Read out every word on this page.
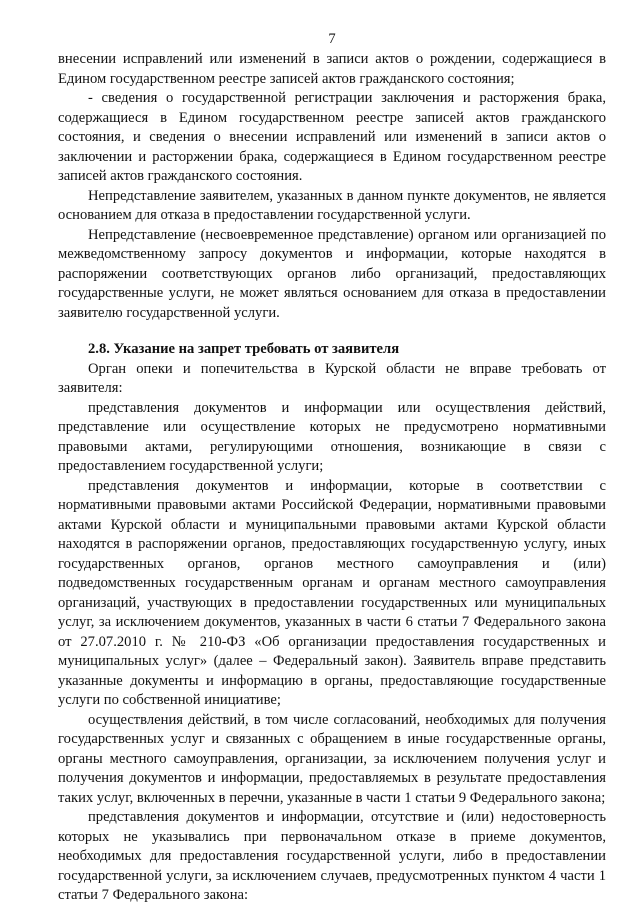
7

внесении исправлений или изменений в записи актов о рождении, содержащиеся в Едином государственном реестре записей актов гражданского состояния;

- сведения о государственной регистрации заключения и расторжения брака, содержащиеся в Едином государственном реестре записей актов гражданского состояния, и сведения о внесении исправлений или изменений в записи актов о заключении и расторжении брака, содержащиеся в Едином государственном реестре записей актов гражданского состояния.

Непредставление заявителем, указанных в данном пункте документов, не является основанием для отказа в предоставлении государственной услуги.

Непредставление (несвоевременное представление) органом или организацией по межведомственному запросу документов и информации, которые находятся в распоряжении соответствующих органов либо организаций, предоставляющих государственные услуги, не может являться основанием для отказа в предоставлении заявителю государственной услуги.

2.8. Указание на запрет требовать от заявителя

Орган опеки и попечительства в Курской области не вправе требовать от заявителя:

представления документов и информации или осуществления действий, представление или осуществление которых не предусмотрено нормативными правовыми актами, регулирующими отношения, возникающие в связи с предоставлением государственной услуги;

представления документов и информации, которые в соответствии с нормативными правовыми актами Российской Федерации, нормативными правовыми актами Курской области и муниципальными правовыми актами Курской области находятся в распоряжении органов, предоставляющих государственную услугу, иных государственных органов, органов местного самоуправления и (или) подведомственных государственным органам и органам местного самоуправления организаций, участвующих в предоставлении государственных или муниципальных услуг, за исключением документов, указанных в части 6 статьи 7 Федерального закона от 27.07.2010 г. № 210-ФЗ «Об организации предоставления государственных и муниципальных услуг» (далее – Федеральный закон). Заявитель вправе представить указанные документы и информацию в органы, предоставляющие государственные услуги по собственной инициативе;

осуществления действий, в том числе согласований, необходимых для получения государственных услуг и связанных с обращением в иные государственные органы, органы местного самоуправления, организации, за исключением получения услуг и получения документов и информации, предоставляемых в результате предоставления таких услуг, включенных в перечни, указанные в части 1 статьи 9 Федерального закона;

представления документов и информации, отсутствие и (или) недостоверность которых не указывались при первоначальном отказе в приеме документов, необходимых для предоставления государственной услуги, либо в предоставлении государственной услуги, за исключением случаев, предусмотренных пунктом 4 части 1 статьи 7 Федерального закона:
